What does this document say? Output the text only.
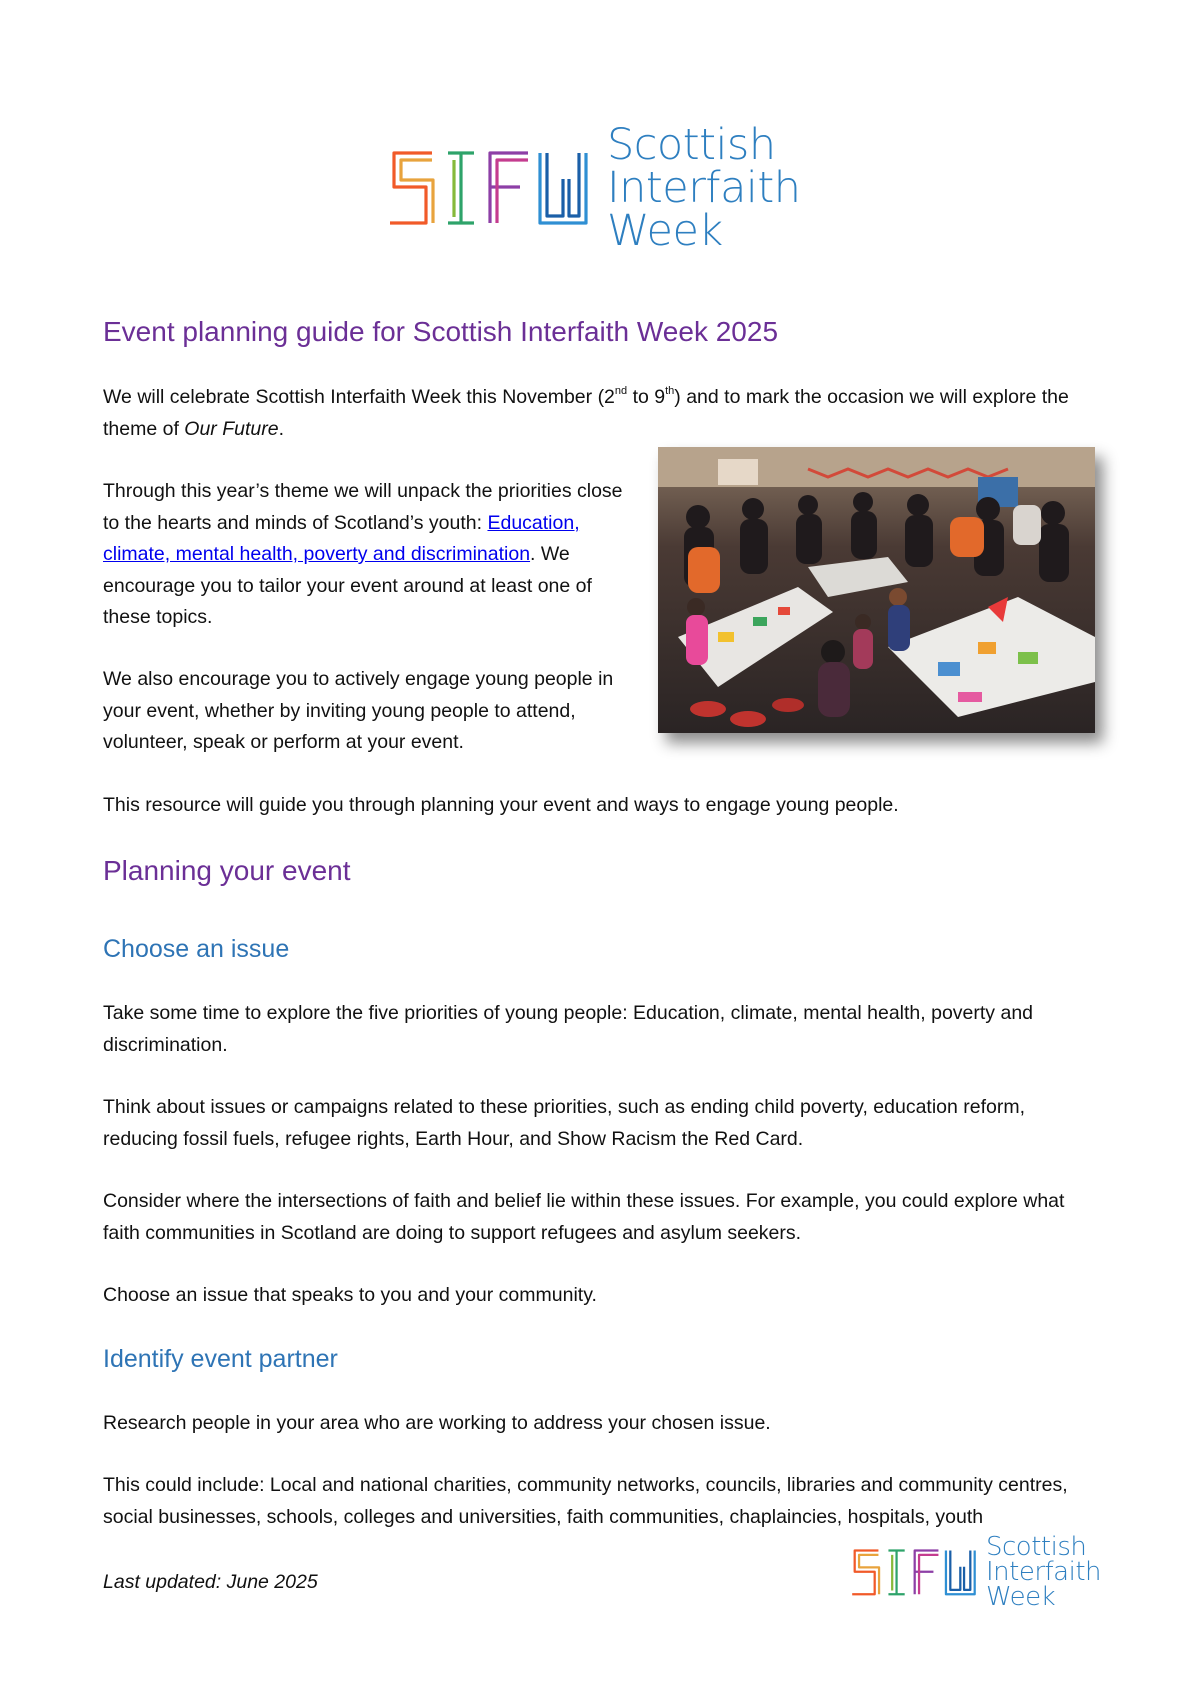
Scottish
Interfaith
Week
Event planning guide for Scottish Interfaith Week 2025

We will celebrate Scottish Interfaith Week this November (2nd to 9th) and to mark the occasion we will explore the theme of Our Future.

Through this year’s theme we will unpack the priorities close to the hearts and minds of Scotland’s youth: Education, climate, mental health, poverty and discrimination. We encourage you to tailor your event around at least one of these topics.

We also encourage you to actively engage young people in your event, whether by inviting young people to attend, volunteer, speak or perform at your event.

This resource will guide you through planning your event and ways to engage young people.

Planning your event
Choose an issue

Take some time to explore the five priorities of young people: Education, climate, mental health, poverty and discrimination.

Think about issues or campaigns related to these priorities, such as ending child poverty, education reform, reducing fossil fuels, refugee rights, Earth Hour, and Show Racism the Red Card.

Consider where the intersections of faith and belief lie within these issues. For example, you could explore what faith communities in Scotland are doing to support refugees and asylum seekers.

Choose an issue that speaks to you and your community.

Identify event partner

Research people in your area who are working to address your chosen issue.

This could include: Local and national charities, community networks, councils, libraries and community centres, social businesses, schools, colleges and universities, faith communities, chaplaincies, hospitals, youth

Last updated: June 2025
Scottish
Interfaith
Week
